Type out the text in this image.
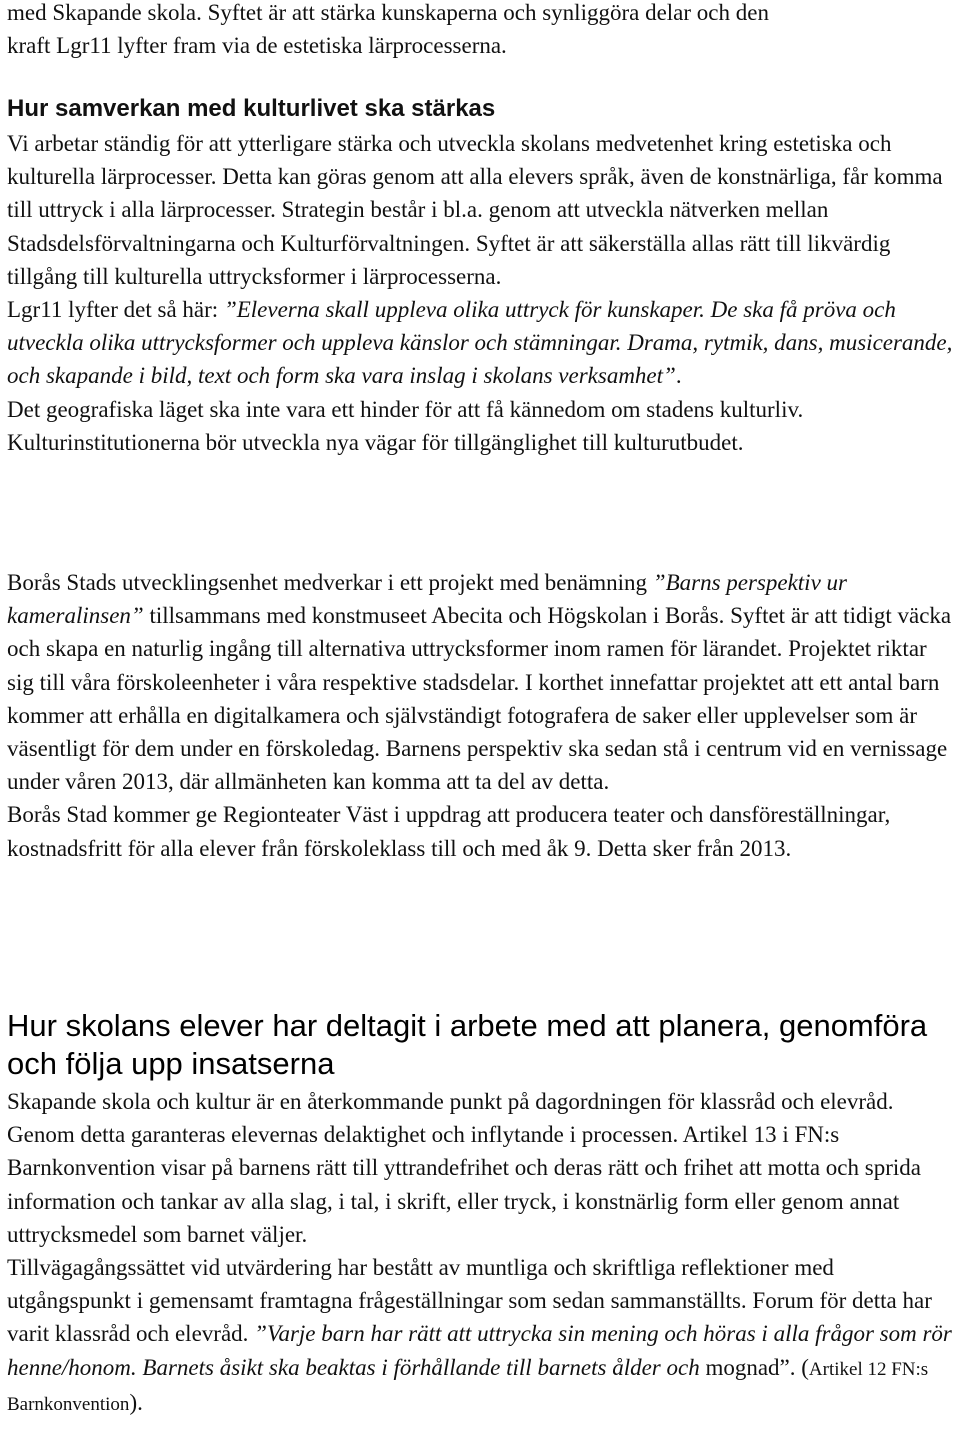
med Skapande skola. Syftet är att stärka kunskaperna och synliggöra delar och den

kraft Lgr11 lyfter fram via de estetiska lärprocesserna.

Hur samverkan med kulturlivet ska stärkas

Vi arbetar ständig för att ytterligare stärka och utveckla skolans medvetenhet kring estetiska och kulturella lärprocesser. Detta kan göras genom att alla elevers språk, även de konstnärliga, får komma till uttryck i alla lärprocesser. Strategin består i bl.a. genom att utveckla nätverken mellan Stadsdelsförvaltningarna och Kulturförvaltningen. Syftet är att säkerställa allas rätt till likvärdig tillgång till kulturella uttrycksformer i lärprocesserna.

Lgr11 lyfter det så här: ”Eleverna skall uppleva olika uttryck för kunskaper. De ska få pröva och utveckla olika uttrycksformer och uppleva känslor och stämningar. Drama, rytmik, dans, musicerande, och skapande i bild, text och form ska vara inslag i skolans verksamhet”.

Det geografiska läget ska inte vara ett hinder för att få kännedom om stadens kulturliv. Kulturinstitutionerna bör utveckla nya vägar för tillgänglighet till kulturutbudet.

Borås Stads utvecklingsenhet medverkar i ett projekt med benämning ”Barns perspektiv ur kameralinsen” tillsammans med konstmuseet Abecita och Högskolan i Borås. Syftet är att tidigt väcka och skapa en naturlig ingång till alternativa uttrycksformer inom ramen för lärandet. Projektet riktar sig till våra förskoleenheter i våra respektive stadsdelar. I korthet innefattar projektet att ett antal barn kommer att erhålla en digitalkamera och självständigt fotografera de saker eller upplevelser som är väsentligt för dem under en förskoledag. Barnens perspektiv ska sedan stå i centrum vid en vernissage under våren 2013, där allmänheten kan komma att ta del av detta.

Borås Stad kommer ge Regionteater Väst i uppdrag att producera teater och dansföreställningar, kostnadsfritt för alla elever från förskoleklass till och med åk 9. Detta sker från 2013.

Hur skolans elever har deltagit i arbete med att planera, genomföra och följa upp insatserna

Skapande skola och kultur är en återkommande punkt på dagordningen för klassråd och elevråd. Genom detta garanteras elevernas delaktighet och inflytande i processen. Artikel 13 i FN:s Barnkonvention visar på barnens rätt till yttrandefrihet och deras rätt och frihet att motta och sprida information och tankar av alla slag, i tal, i skrift, eller tryck, i konstnärlig form eller genom annat uttrycksmedel som barnet väljer.

Tillvägagångssättet vid utvärdering har bestått av muntliga och skriftliga reflektioner med utgångspunkt i gemensamt framtagna frågeställningar som sedan sammanställts. Forum för detta har varit klassråd och elevråd. ”Varje barn har rätt att uttrycka sin mening och höras i alla frågor som rör henne/honom. Barnets åsikt ska beaktas i förhållande till barnets ålder och mognad”. (Artikel 12 FN:s Barnkonvention).
